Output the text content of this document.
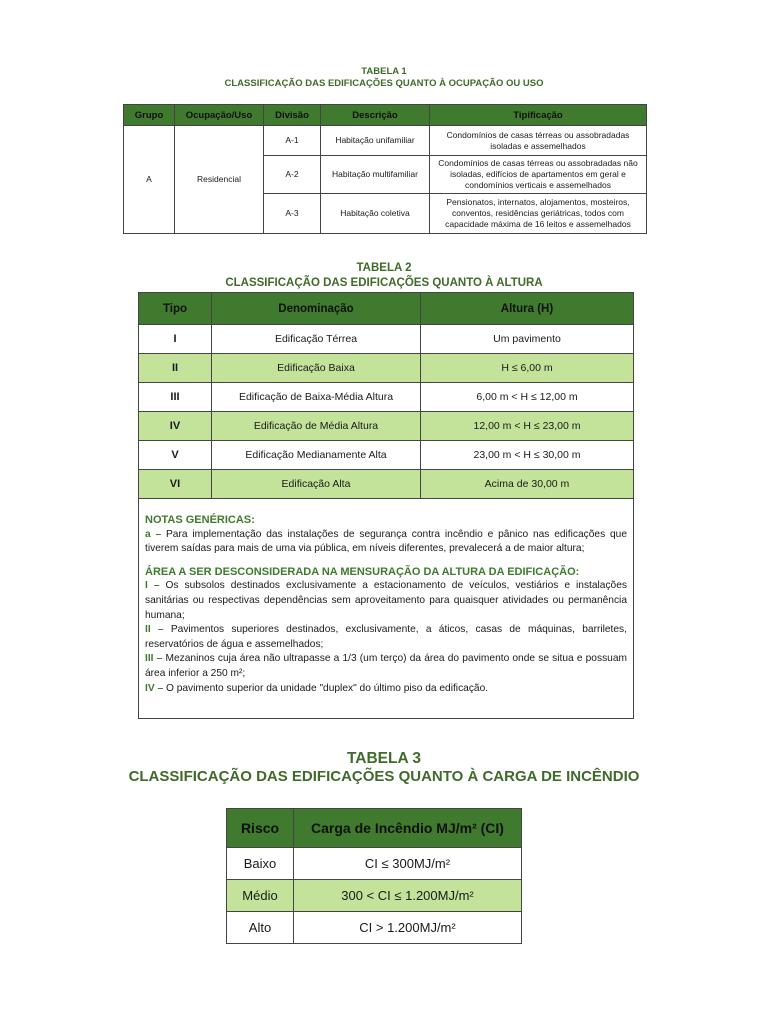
TABELA 1
CLASSIFICAÇÃO DAS EDIFICAÇÕES QUANTO À OCUPAÇÃO OU USO
Grupo	Ocupação/Uso	Divisão	Descrição	Tipificação
A	Residencial	A-1	Habitação unifamiliar	Condomínios de casas térreas ou assobradadas isoladas e assemelhados
		A-2	Habitação multifamiliar	Condomínios de casas térreas ou assobradadas não isoladas, edifícios de apartamentos em geral e condomínios verticais e assemelhados
		A-3	Habitação coletiva	Pensionatos, internatos, alojamentos, mosteiros, conventos, residências geriátricas, todos com capacidade máxima de 16 leitos e assemelhados
TABELA 2
CLASSIFICAÇÃO DAS EDIFICAÇÕES QUANTO À ALTURA
Tipo	Denominação	Altura (H)
I	Edificação Térrea	Um pavimento
II	Edificação Baixa	H ≤ 6,00 m
III	Edificação de Baixa-Média Altura	6,00 m < H ≤ 12,00 m
IV	Edificação de Média Altura	12,00 m < H ≤ 23,00 m
V	Edificação Medianamente Alta	23,00 m < H ≤ 30,00 m
VI	Edificação Alta	Acima de 30,00 m

NOTAS GENÉRICAS:

a – Para implementação das instalações de segurança contra incêndio e pânico nas edificações que tiverem saídas para mais de uma via pública, em níveis diferentes, prevalecerá a de maior altura;

ÁREA A SER DESCONSIDERADA NA MENSURAÇÃO DA ALTURA DA EDIFICAÇÃO:

I – Os subsolos destinados exclusivamente a estacionamento de veículos, vestiários e instalações sanitárias ou respectivas dependências sem aproveitamento para quaisquer atividades ou permanência humana;

II – Pavimentos superiores destinados, exclusivamente, a áticos, casas de máquinas, barriletes, reservatórios de água e assemelhados;

III – Mezaninos cuja área não ultrapasse a 1/3 (um terço) da área do pavimento onde se situa e possuam área inferior a 250 m²;

IV – O pavimento superior da unidade "duplex" do último piso da edificação.

TABELA 3
CLASSIFICAÇÃO DAS EDIFICAÇÕES QUANTO À CARGA DE INCÊNDIO
Risco	Carga de Incêndio MJ/m² (CI)
Baixo	CI ≤ 300MJ/m²
Médio	300 < CI ≤ 1.200MJ/m²
Alto	CI > 1.200MJ/m²
